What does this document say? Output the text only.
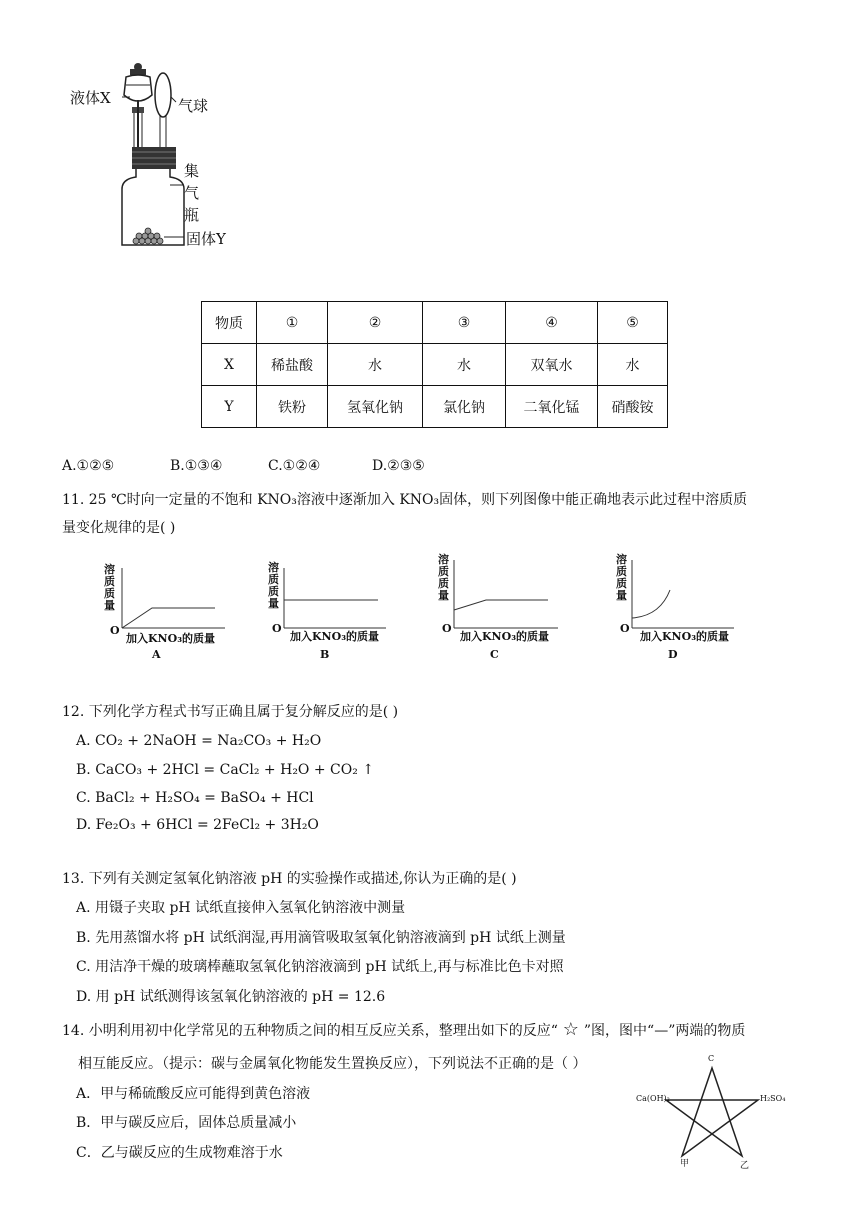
液体X	气球
集
气
瓶
固体Y
物质	①	②	③	④	⑤
X	稀盐酸	水	水	双氧水	水
Y	铁粉	氢氧化钠	氯化钠	二氧化锰	硝酸铵
A.①②⑤	B.①③④	C.①②④	D.②③⑤
11. 25 ℃时向一定量的不饱和 KNO₃溶液中逐渐加入 KNO₃固体，则下列图像中能正确地表示此过程中溶质质
量变化规律的是( )
溶
质
质
量
O
加入KNO₃的质量
A
溶
质
质
量
O
加入KNO₃的质量
B
溶
质
质
量
O
加入KNO₃的质量
C
溶
质
质
量
O
加入KNO₃的质量
D
12. 下列化学方程式书写正确且属于复分解反应的是( )
A. CO₂ + 2NaOH = Na₂CO₃ + H₂O
B. CaCO₃ + 2HCl = CaCl₂ + H₂O + CO₂ ↑
C. BaCl₂ + H₂SO₄ = BaSO₄ + HCl
D. Fe₂O₃ + 6HCl = 2FeCl₂ + 3H₂O
13. 下列有关测定氢氧化钠溶液 pH 的实验操作或描述,你认为正确的是( )
A. 用镊子夹取 pH 试纸直接伸入氢氧化钠溶液中测量
B. 先用蒸馏水将 pH 试纸润湿,再用滴管吸取氢氧化钠溶液滴到 pH 试纸上测量
C. 用洁净干燥的玻璃棒蘸取氢氧化钠溶液滴到 pH 试纸上,再与标准比色卡对照
D. 用 pH 试纸测得该氢氧化钠溶液的 pH = 12.6
14. 小明利用初中化学常见的五种物质之间的相互反应关系，整理出如下的反应“ ☆ ”图，图中“—”两端的物质
相互能反应。（提示：碳与金属氧化物能发生置换反应），下列说法不正确的是（ ）
A．甲与稀硫酸反应可能得到黄色溶液
B．甲与碳反应后，固体总质量减小
C．乙与碳反应的生成物难溶于水
C
Ca(OH)₂	H₂SO₄
甲	乙
